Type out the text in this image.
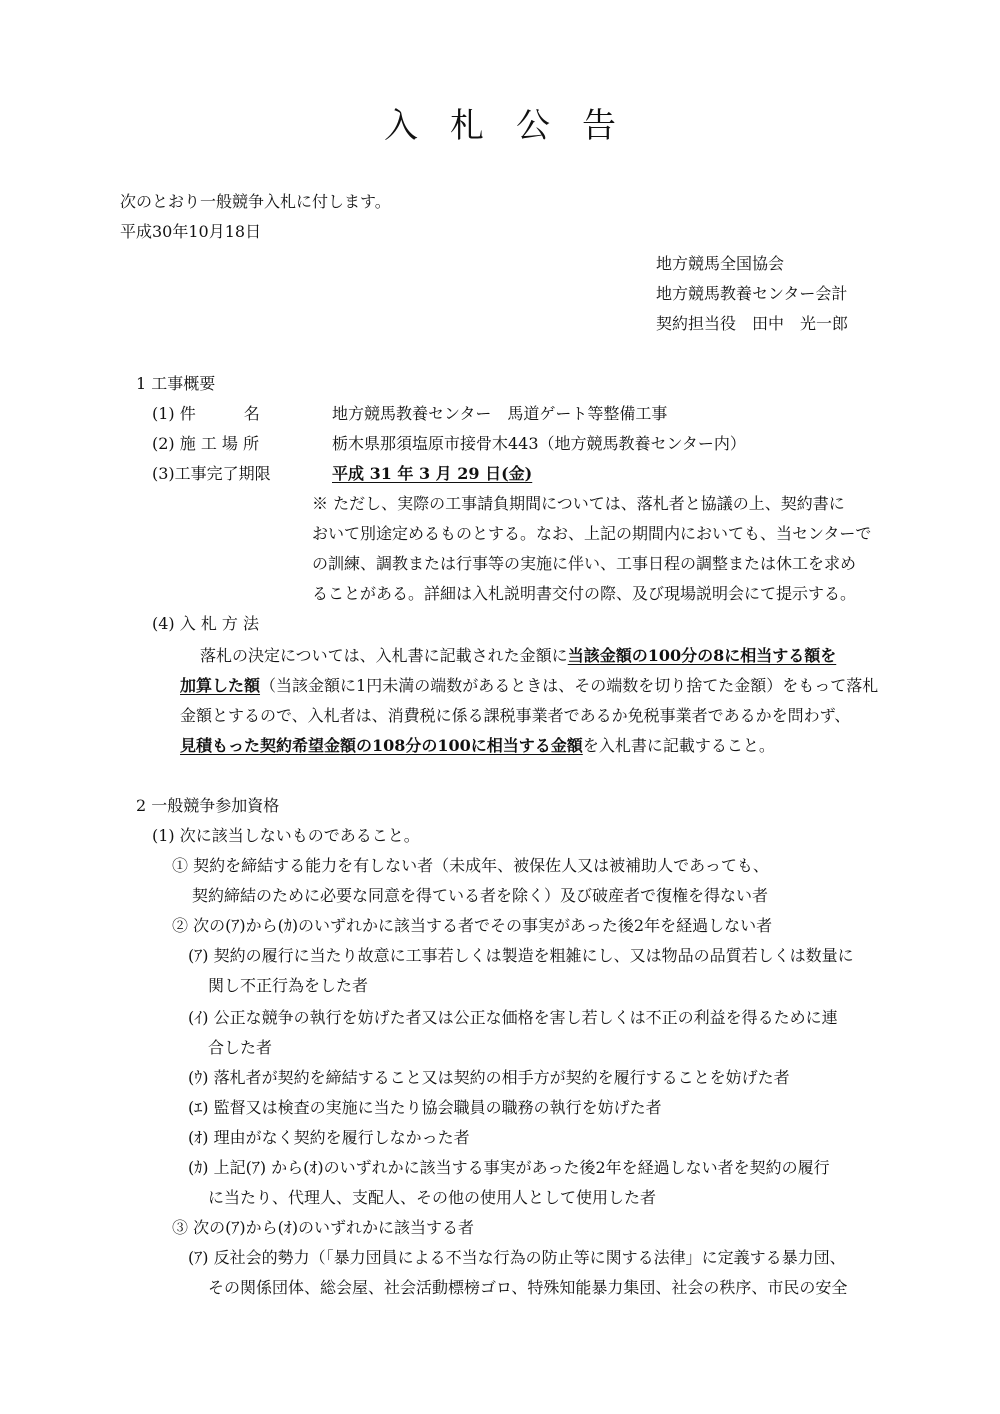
入 札 公 告
次のとおり一般競争入札に付します。
平成30年10月18日
地方競馬全国協会
地方競馬教養センター会計
契約担当役　田中　光一郎
1 工事概要
(1) 件　　　名	地方競馬教養センター　馬道ゲート等整備工事
(2) 施 工 場 所	栃木県那須塩原市接骨木443（地方競馬教養センター内）
(3)工事完了期限	平成 31 年 3 月 29 日(金)
※ ただし、実際の工事請負期間については、落札者と協議の上、契約書に
おいて別途定めるものとする。なお、上記の期間内においても、当センターで
の訓練、調教または行事等の実施に伴い、工事日程の調整または休工を求め
ることがある。詳細は入札説明書交付の際、及び現場説明会にて提示する。
(4) 入 札 方 法
落札の決定については、入札書に記載された金額に当該金額の100分の8に相当する額を
加算した額（当該金額に1円未満の端数があるときは、その端数を切り捨てた金額）をもって落札
金額とするので、入札者は、消費税に係る課税事業者であるか免税事業者であるかを問わず、
見積もった契約希望金額の108分の100に相当する金額を入札書に記載すること。
2 一般競争参加資格
(1) 次に該当しないものであること。
① 契約を締結する能力を有しない者（未成年、被保佐人又は被補助人であっても、
契約締結のために必要な同意を得ている者を除く）及び破産者で復権を得ない者
② 次の(ｱ)から(ｶ)のいずれかに該当する者でその事実があった後2年を経過しない者
(ｱ) 契約の履行に当たり故意に工事若しくは製造を粗雑にし、又は物品の品質若しくは数量に
関し不正行為をした者
(ｲ) 公正な競争の執行を妨げた者又は公正な価格を害し若しくは不正の利益を得るために連
合した者
(ｳ) 落札者が契約を締結すること又は契約の相手方が契約を履行することを妨げた者
(ｴ) 監督又は検査の実施に当たり協会職員の職務の執行を妨げた者
(ｵ) 理由がなく契約を履行しなかった者
(ｶ) 上記(ｱ) から(ｵ)のいずれかに該当する事実があった後2年を経過しない者を契約の履行
に当たり、代理人、支配人、その他の使用人として使用した者
③ 次の(ｱ)から(ｵ)のいずれかに該当する者
(ｱ) 反社会的勢力（「暴力団員による不当な行為の防止等に関する法律」に定義する暴力団、
その関係団体、総会屋、社会活動標榜ゴロ、特殊知能暴力集団、社会の秩序、市民の安全
